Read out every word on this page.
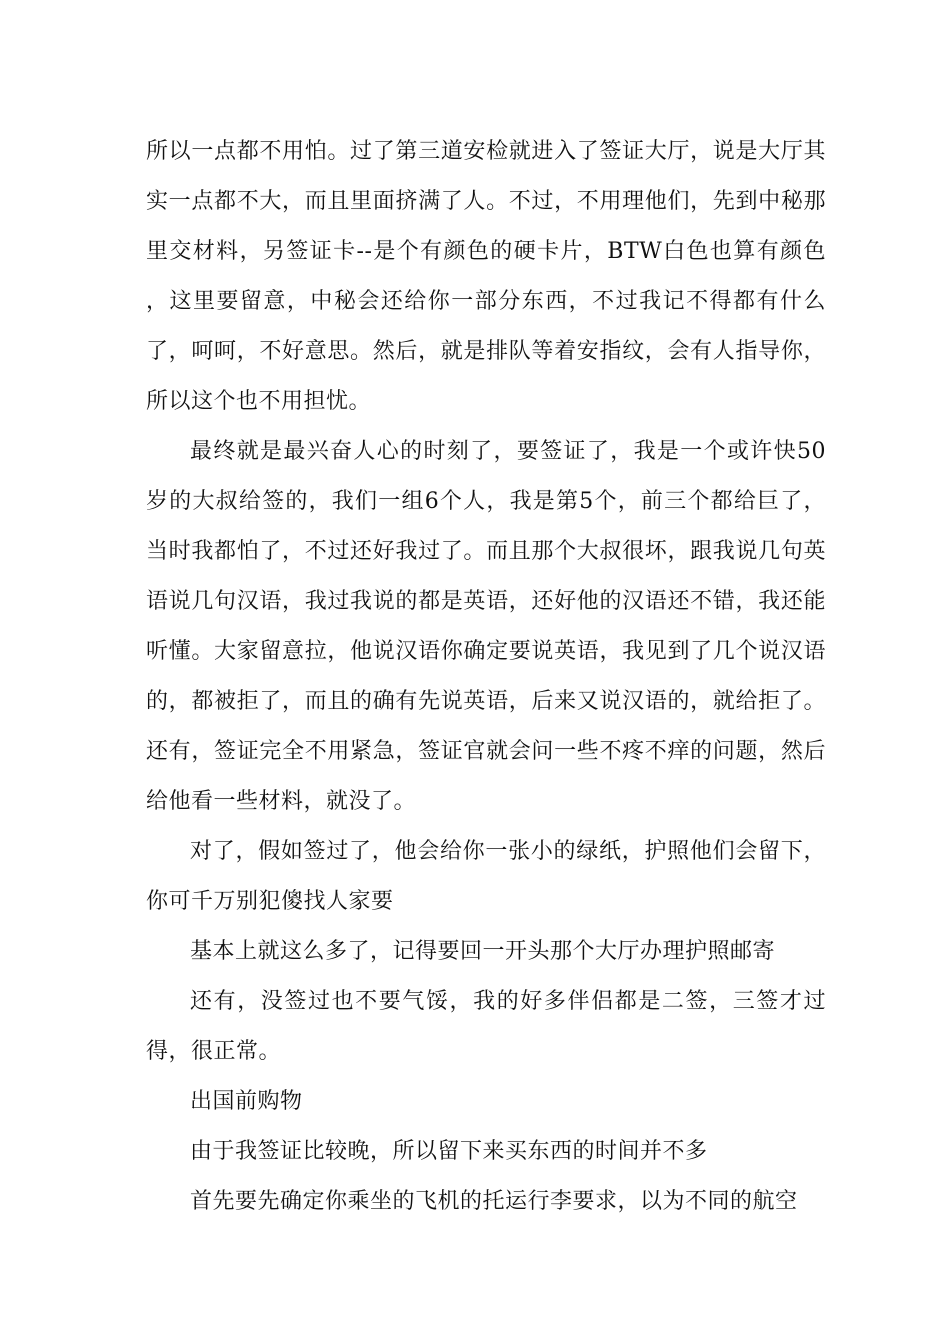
所以一点都不用怕。过了第三道安检就进入了签证大厅，说是大厅其实一点都不大，而且里面挤满了人。不过，不用理他们，先到中秘那里交材料，另签证卡--是个有颜色的硬卡片，BTW白色也算有颜色 ，这里要留意，中秘会还给你一部分东西，不过我记不得都有什么了，呵呵，不好意思。然后，就是排队等着安指纹，会有人指导你，所以这个也不用担忧。

最终就是最兴奋人心的时刻了，要签证了，我是一个或许快50岁的大叔给签的，我们一组6个人，我是第5个，前三个都给巨了，当时我都怕了，不过还好我过了。而且那个大叔很坏，跟我说几句英语说几句汉语，我过我说的都是英语，还好他的汉语还不错，我还能听懂。大家留意拉，他说汉语你确定要说英语，我见到了几个说汉语的，都被拒了，而且的确有先说英语，后来又说汉语的，就给拒了。还有，签证完全不用紧急，签证官就会问一些不疼不痒的问题，然后给他看一些材料，就没了。

对了，假如签过了，他会给你一张小的绿纸，护照他们会留下，你可千万别犯傻找人家要

基本上就这么多了，记得要回一开头那个大厅办理护照邮寄

还有，没签过也不要气馁，我的好多伴侣都是二签，三签才过得，很正常。

出国前购物

由于我签证比较晚，所以留下来买东西的时间并不多

首先要先确定你乘坐的飞机的托运行李要求，以为不同的航空
